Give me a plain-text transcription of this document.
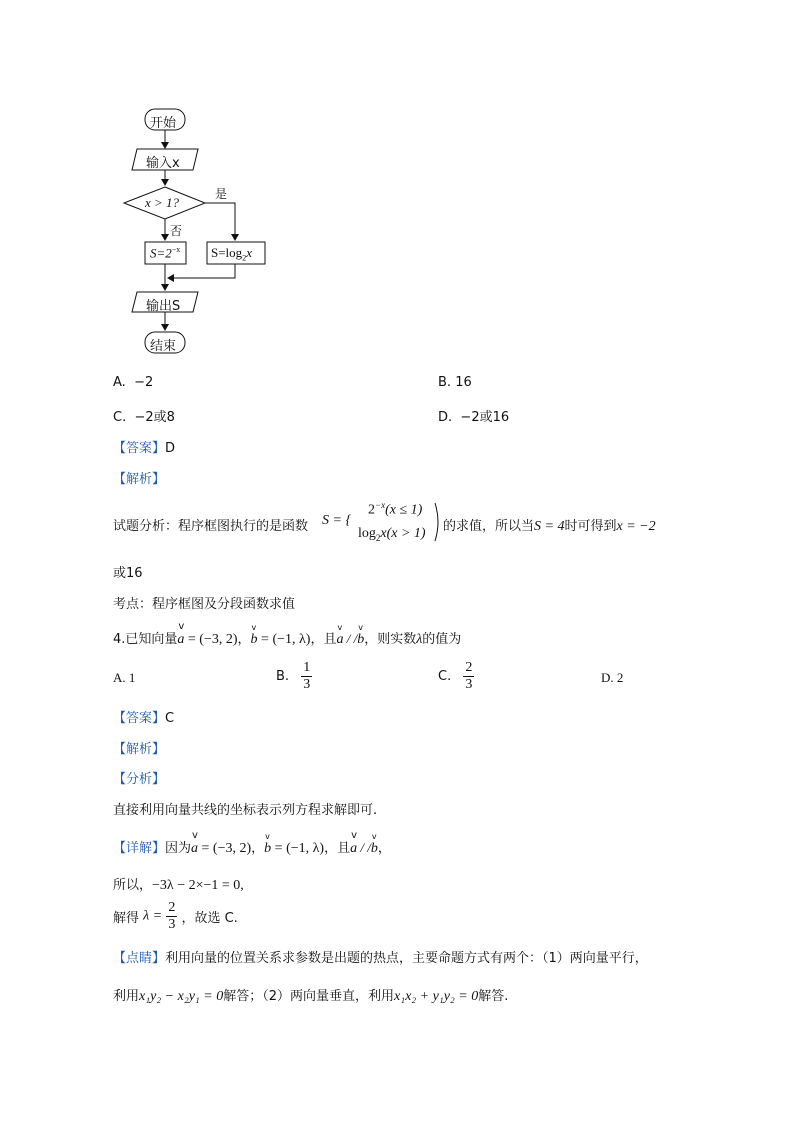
开始
输入x
x > 1?
是
否
$S=2^{-x}$ $S=\log_2x$
输出S
结束
A. −2	B. 16
C. −2或8	D. −2或16
【答案】D
【解析】
试题分析：程序框图执行的是函数 S = {
$2^{-x}(x \le 1)$
$\log_2x(x > 1)$ 的求值，所以当S = 4时可得到x = −2
或16
考点：程序框图及分段函数求值
4.已知向量v a = (−3, 2)，v b = (−1, λ)，且v a / /v b，则实数λ的值为
A. 1	B. $\frac{1}{3}$	C. $\frac{2}{3}$	D. 2
【答案】C
【解析】
【分析】
直接利用向量共线的坐标表示列方程求解即可.
【详解】因为v a = (−3, 2)，v b = (−1, λ)，且v a / /v b，
所以，−3λ − 2×−1 = 0,
解得 $\lambda = \frac{2}{3}$ ，故选 C.
【点睛】利用向量的位置关系求参数是出题的热点，主要命题方式有两个：（1）两向量平行，
利用x₁y₂ − x₂y₁ = 0解答；（2）两向量垂直，利用x₁x₂ + y₁y₂ = 0解答.
